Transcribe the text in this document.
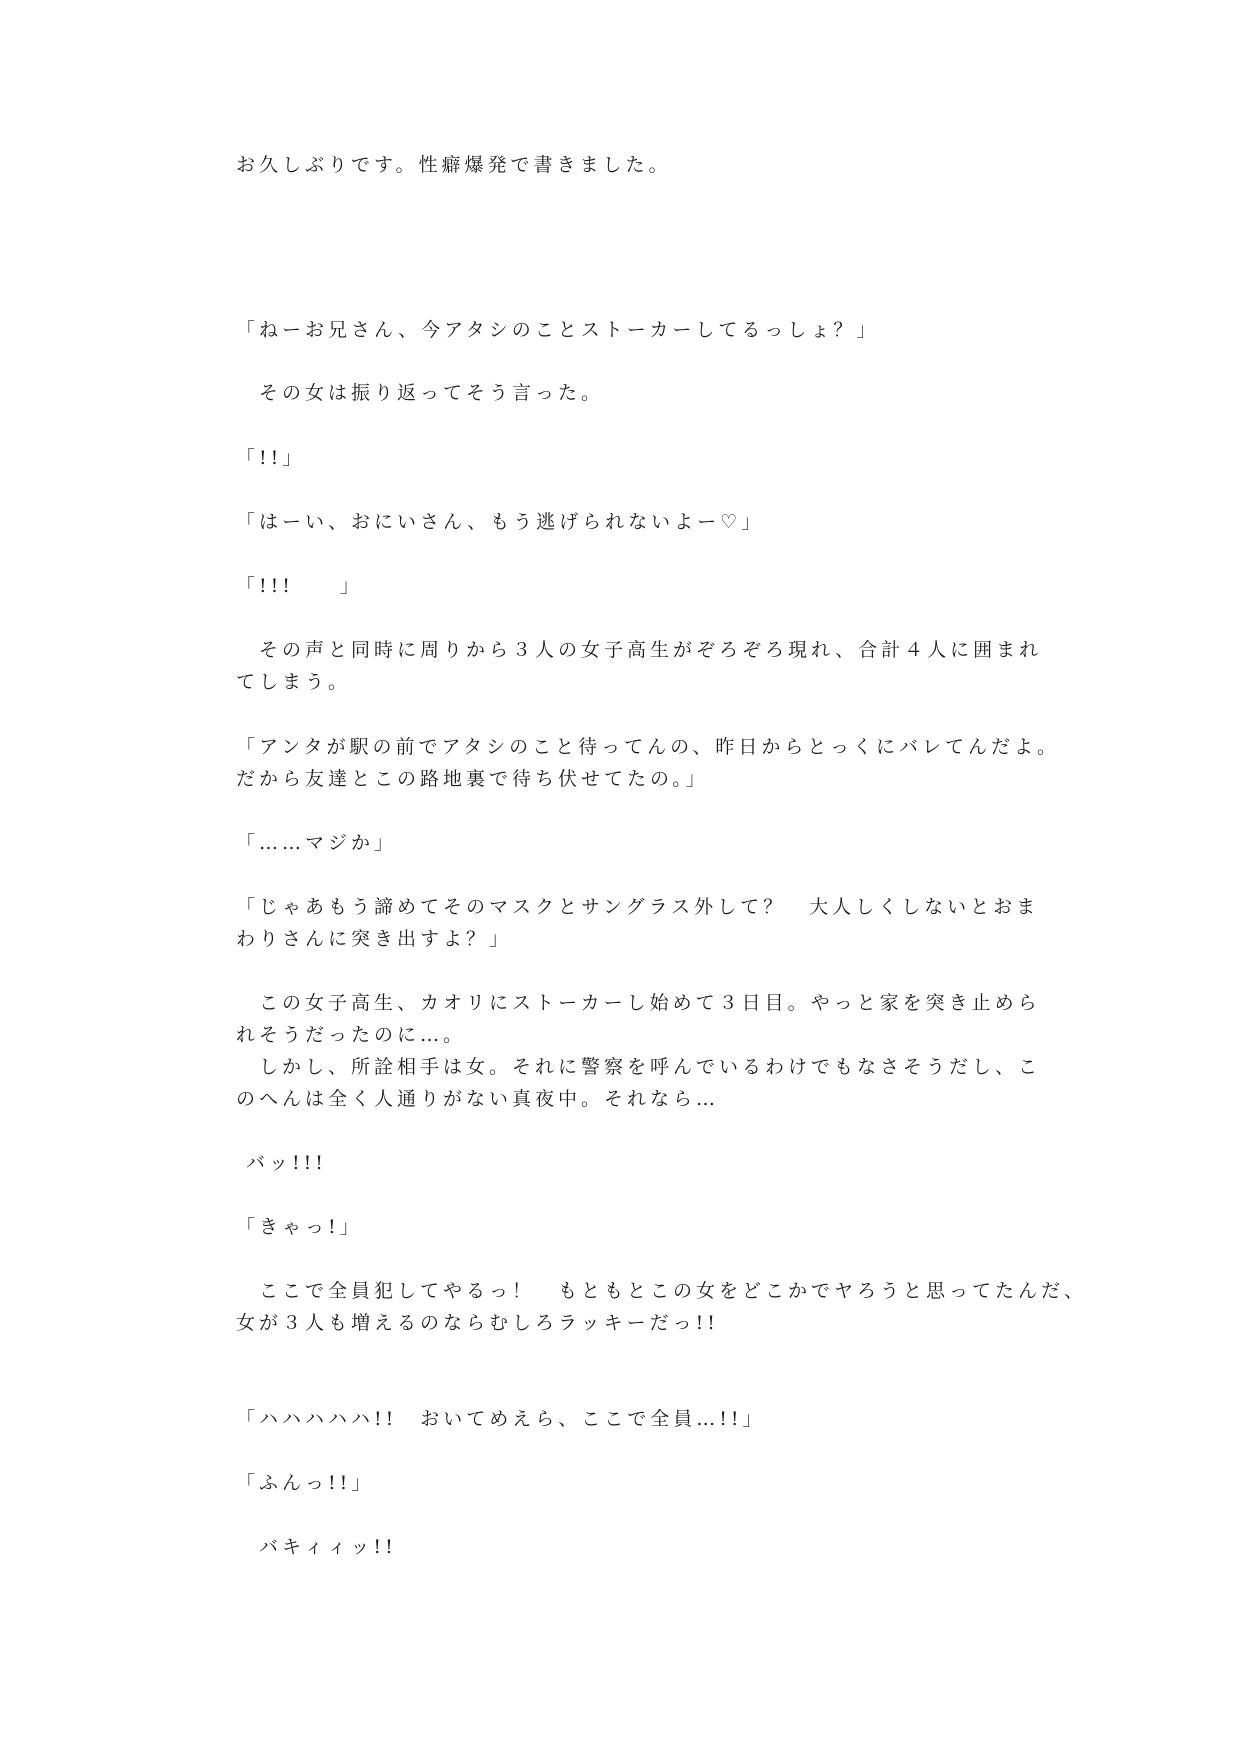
お久しぶりです。性癖爆発で書きました。

「ねーお兄さん、今アタシのことストーカーしてるっしょ？」

　その女は振り返ってそう言った。

「!!」

「はーい、おにいさん、もう逃げられないよー♡」

「!!!　　」

　その声と同時に周りから３人の女子高生がぞろぞろ現れ、合計４人に囲まれ

てしまう。

「アンタが駅の前でアタシのこと待ってんの、昨日からとっくにバレてんだよ。

だから友達とこの路地裏で待ち伏せてたの。」

「……マジか」

「じゃあもう諦めてそのマスクとサングラス外して？　大人しくしないとおま

わりさんに突き出すよ？」

　この女子高生、カオリにストーカーし始めて３日目。やっと家を突き止めら

れそうだったのに…。

　しかし、所詮相手は女。それに警察を呼んでいるわけでもなさそうだし、こ

のへんは全く人通りがない真夜中。それなら…

バッ!!!

「きゃっ!」

　ここで全員犯してやるっ！　もともとこの女をどこかでヤろうと思ってたんだ、

女が３人も増えるのならむしろラッキーだっ!!

「ハハハハハ!!　おいてめえら、ここで全員…!!」

「ふんっ!!」

　バキィィッ!!
